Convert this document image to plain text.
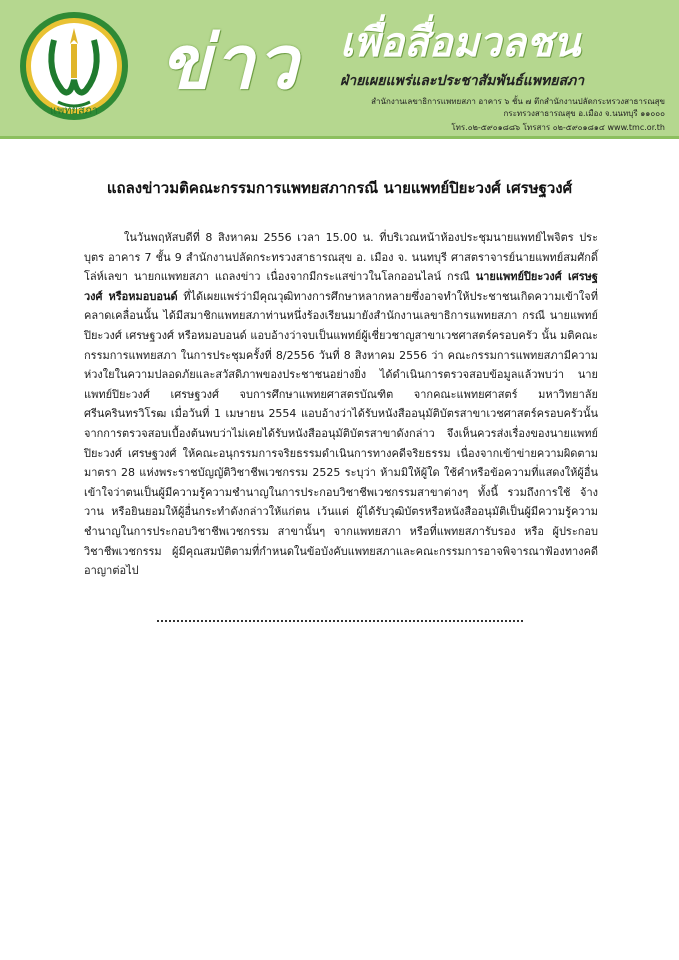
แพทยสภา
ข่าว เพื่อสื่อมวลชน
ฝ่ายเผยแพร่และประชาสัมพันธ์แพทยสภา
สำนักงานเลขาธิการแพทยสภา อาคาร ๖ ชั้น ๗ ตึกสำนักงานปลัดกระทรวงสาธารณสุข
กระทรวงสาธารณสุข อ.เมือง จ.นนทบุรี ๑๑๐๐๐
โทร.๐๒-๕๙๐๑๘๘๖ โทรสาร ๐๒-๕๙๐๑๘๑๔ www.tmc.or.th
แถลงข่าวมติคณะกรรมการแพทยสภากรณี นายแพทย์ปิยะวงศ์ เศรษฐวงศ์

ในวันพฤหัสบดีที่ 8 สิงหาคม 2556 เวลา 15.00 น. ที่บริเวณหน้าห้องประชุมนายแพทย์ไพจิตร ประบุตร อาคาร 7 ชั้น 9 สำนักงานปลัดกระทรวงสาธารณสุข อ. เมือง จ. นนทบุรี ศาสตราจารย์นายแพทย์สมศักดิ์ โล่ห์เลขา นายกแพทยสภา แถลงข่าว เนื่องจากมีกระแสข่าวในโลกออนไลน์ กรณี นายแพทย์ปิยะวงศ์ เศรษฐวงศ์ หรือหมอบอนด์ ที่ได้เผยแพร่ว่ามีคุณวุฒิทางการศึกษาหลากหลายซึ่งอาจทำให้ประชาชนเกิดความเข้าใจที่คลาดเคลื่อนนั้น ได้มีสมาชิกแพทยสภาท่านหนึ่งร้องเรียนมายังสำนักงานเลขาธิการแพทยสภา กรณี นายแพทย์ปิยะวงศ์ เศรษฐวงศ์ หรือหมอบอนด์ แอบอ้างว่าจบเป็นแพทย์ผู้เชี่ยวชาญสาขาเวชศาสตร์ครอบครัว นั้น มติคณะกรรมการแพทยสภา ในการประชุมครั้งที่ 8/2556 วันที่ 8 สิงหาคม 2556 ว่า คณะกรรมการแพทยสภามีความห่วงใยในความปลอดภัยและสวัสดิภาพของประชาชนอย่างยิ่ง ได้ดำเนินการตรวจสอบข้อมูลแล้วพบว่า นายแพทย์ปิยะวงศ์ เศรษฐวงศ์ จบการศึกษาแพทยศาสตรบัณฑิต จากคณะแพทยศาสตร์ มหาวิทยาลัยศรีนครินทรวิโรฒ เมื่อวันที่ 1 เมษายน 2554 แอบอ้างว่าได้รับหนังสืออนุมัติบัตรสาขาเวชศาสตร์ครอบครัวนั้น จากการตรวจสอบเบื้องต้นพบว่าไม่เคยได้รับหนังสืออนุมัติบัตรสาขาดังกล่าว จึงเห็นควรส่งเรื่องของนายแพทย์ปิยะวงศ์ เศรษฐวงศ์ ให้คณะอนุกรรมการจริยธรรมดำเนินการทางคดีจริยธรรม เนื่องจากเข้าข่ายความผิดตามมาตรา 28 แห่งพระราชบัญญัติวิชาชีพเวชกรรม 2525 ระบุว่า ห้ามมิให้ผู้ใด ใช้คำหรือข้อความที่แสดงให้ผู้อื่นเข้าใจว่าตนเป็นผู้มีความรู้ความชำนาญในการประกอบวิชาชีพเวชกรรมสาขาต่างๆ ทั้งนี้ รวมถึงการใช้ จ้าง วาน หรือยินยอมให้ผู้อื่นกระทำดังกล่าวให้แก่ตน เว้นแต่ ผู้ได้รับวุฒิบัตรหรือหนังสืออนุมัติเป็นผู้มีความรู้ความชำนาญในการประกอบวิชาชีพเวชกรรม สาขานั้นๆ จากแพทยสภา หรือที่แพทยสภารับรอง หรือ ผู้ประกอบวิชาชีพเวชกรรม ผู้มีคุณสมบัติตามที่กำหนดในข้อบังคับแพทยสภาและคณะกรรมการอาจพิจารณาฟ้องทางคดีอาญาต่อไป
